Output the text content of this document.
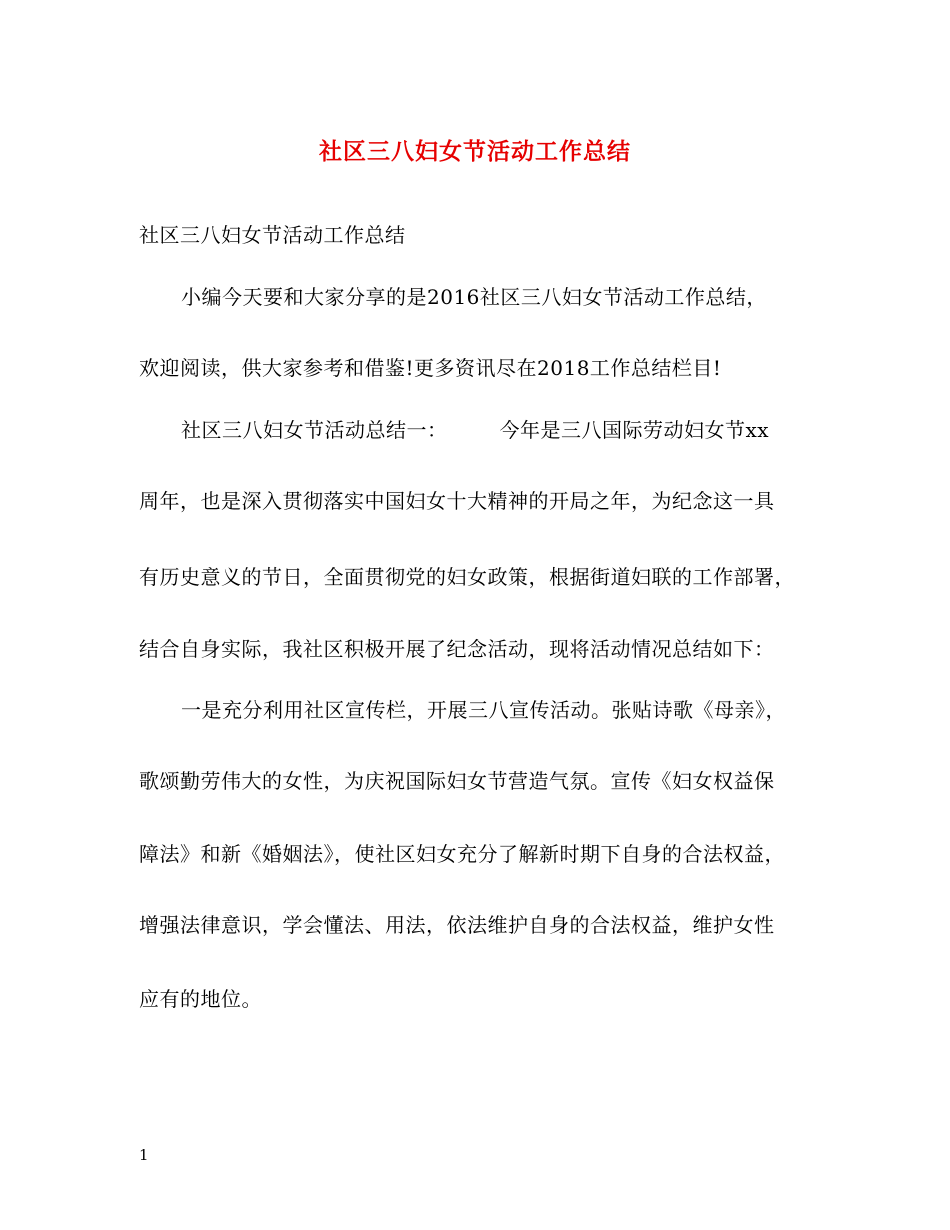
社区三八妇女节活动工作总结
社区三八妇女节活动工作总结
小编今天要和大家分享的是2016社区三八妇女节活动工作总结，
欢迎阅读，供大家参考和借鉴!更多资讯尽在2018工作总结栏目!
社区三八妇女节活动总结一：	今年是三八国际劳动妇女节xx
周年，也是深入贯彻落实中国妇女十大精神的开局之年，为纪念这一具
有历史意义的节日，全面贯彻党的妇女政策，根据街道妇联的工作部署，
结合自身实际，我社区积极开展了纪念活动，现将活动情况总结如下：
一是充分利用社区宣传栏，开展三八宣传活动。张贴诗歌《母亲》，
歌颂勤劳伟大的女性，为庆祝国际妇女节营造气氛。宣传《妇女权益保
障法》和新《婚姻法》，使社区妇女充分了解新时期下自身的合法权益，
增强法律意识，学会懂法、用法，依法维护自身的合法权益，维护女性
应有的地位。
1
